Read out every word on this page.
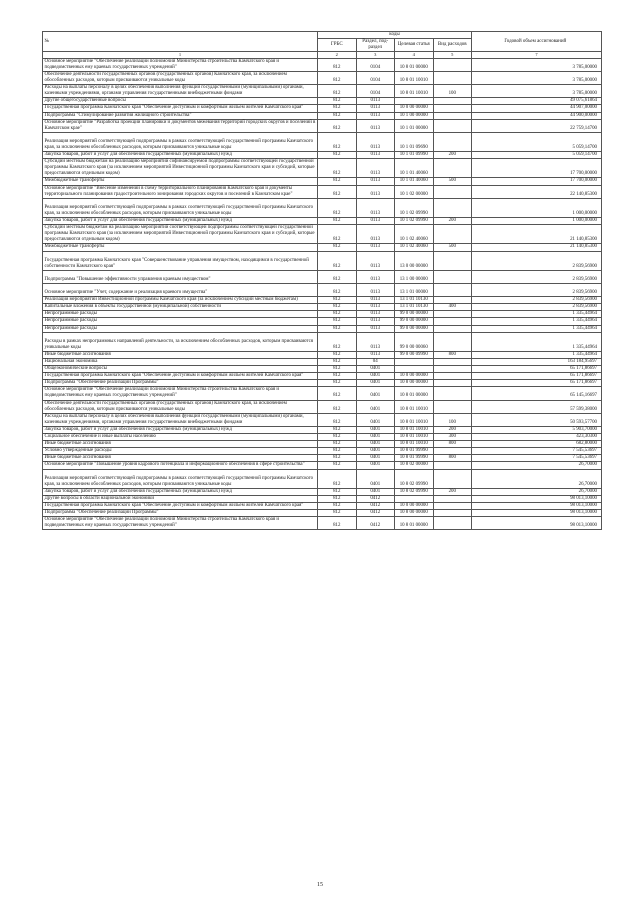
№	коды				Годовой объем ассигнований
	ГРБС	Раздел, под-раздел	Целевая статья	Вид расходов	
1	2	3	4	5	7
Основное мероприятие "Обеспечение реализации полномочий Министерства строительства Камчатского края и подведомственных ему краевых государственных учреждений"	812	0104	10 8 01 00000		3 785,00000
Обеспечение деятельности государственных органов (государственных органов) Камчатского края, за исключением обособленных расходов, которым присваиваются уникальные коды	812	0104	10 8 01 10010		3 785,00000
Расходы на выплаты персоналу в целях обеспечения выполнения функций государственными (муниципальными) органами, казенными учреждениями, органами управления государственными внебюджетными фондами	812	0104	10 8 01 10010	100	3 785,00000
Другие общегосударственные вопросы	812	0113			49 075,61864
Государственная программа Камчатского края "Обеспечение доступным и комфортным жильем жителей Камчатского края"	812	0113	10 0 00 00000		44 907,00000
Подпрограмма "Стимулирование развития жилищного строительства"	812	0113	10 1 00 00000		44 900,00000
Основное мероприятие "Разработка проекции планировки и документов межевания территорий городских округов и поселений в Камчатском крае"	812	0113	10 1 01 00000		22 759,14700

Реализация мероприятий соответствующей подпрограммы в рамках соответствующей государственной программы Камчатского края, за исключением обособленных расходов, которым присваиваются уникальные коды	812	0113	10 1 01 09690		5 059,14700
Закупка товаров, работ и услуг для обеспечения государственных (муниципальных) нужд	812	0113	10 1 01 09990	200	5 059,14700
Субсидии местным бюджетам на реализацию мероприятий софинансируемой подпрограммы соответствующей государственной программы Камчатского края (за исключением мероприятий Инвестиционной программы Камчатского края и субсидий, которые предоставляются отдельным кодом)	812	0113	10 1 01 40060		17 700,00000
Межбюджетные трансферты	812	0113	10 1 01 40060	500	17 700,00000
Основное мероприятие "Внесение изменений в схему территориального планирования Камчатского края и документы территориального планирования градостроительного зонирования городских округов и поселений в Камчатском крае"	812	0113	10 1 02 00000		22 140,85300

Реализация мероприятий соответствующей подпрограммы в рамках соответствующей государственной программы Камчатского края, за исключением обособленных расходов, которым присваиваются уникальные коды	812	0113	10 1 02 09990		1 000,00000
Закупка товаров, работ и услуг для обеспечения государственных (муниципальных) нужд	812	0113	10 1 02 09990	200	1 000,00000
Субсидии местным бюджетам на реализацию мероприятий соответствующей подпрограммы соответствующей государственной программы Камчатского края (за исключением мероприятий Инвестиционной программы Камчатского края и субсидий, которые предоставляются отдельным кодом)	812	0113	10 1 02 40060		21 140,85300
Межбюджетные трансферты	812	0113	10 1 02 40060	500	21 140,85300

Государственная программа Камчатского края "Совершенствование управления имуществом, находящимся в государственной собственности Камчатского края"	812	0113	13 0 00 00000		2 839,56900

Подпрограмма "Повышение эффективности управления краевым имуществом"	812	0113	13 1 00 00000		2 839,56900

Основное мероприятие "Учет, содержание и реализация краевого имущества"	812	0113	13 1 01 00000		2 839,56900
Реализация мероприятий Инвестиционной программы Камчатского края (за исключением субсидий местным бюджетам)	812	0113	13 1 01 10130		2 839,56900
Капитальные вложения в объекты государственной (муниципальной) собственности	812	0113	13 1 01 10130	400	2 839,56900
Непрограммные расходы	812	0113	99 0 00 00000		1 335,44964
Непрограммные расходы	812	0113	99 0 00 00000		1 335,44964
Непрограммные расходы	812	0113	99 0 00 00000		1 335,44964

Расходы в рамках непрограммных направлений деятельности, за исключением обособленных расходов, которым присваиваются уникальные коды	812	0113	99 0 00 00060		1 335,44964
Иные бюджетные ассигнования	812	0113	99 0 00 09990	800	1 335,44964
Национальная экономика	812	04			163 184,95697
Общеэкономические вопросы	812	0401			65 171,86697
Государственная программа Камчатского края "Обеспечение доступным и комфортным жильем жителей Камчатского края"	812	0401	10 0 00 00000		65 171,86697
Подпрограмма "Обеспечение реализации Программы"	812	0401	10 8 00 00000		65 171,86697
Основное мероприятие "Обеспечение реализации полномочий Министерства строительства Камчатского края и подведомственных ему краевых государственных учреждений"	812	0401	10 8 01 00000		65 145,16697
Обеспечение деятельности государственных органов (государственных органов) Камчатского края, за исключением обособленных расходов, которым присваиваются уникальные коды	812	0401	10 8 01 10010		57 599,38000
Расходы на выплаты персоналу в целях обеспечения выполнения функций государственными (муниципальными) органами, казенными учреждениями, органами управления государственными внебюджетными фондами	812	0401	10 8 01 10010	100	50 593,57700
Закупка товаров, работ и услуг для обеспечения государственных (муниципальных) нужд	812	0401	10 8 01 10010	200	5 903,70000
Социальное обеспечение и иные выплаты населению	812	0401	10 8 01 10010	300	423,30300
Иные бюджетные ассигнования	812	0401	10 8 01 10010	800	682,80000
Условно утвержденные расходы	812	0401	10 8 01 99990		7 545,53697
Иные бюджетные ассигнования	812	0401	10 8 01 99990	800	7 545,53697
Основное мероприятие "Повышение уровня кадрового потенциала и информационного обеспечения в сфере строительства"	812	0401	10 8 02 00000		26,70000

Реализация мероприятий соответствующей подпрограммы в рамках соответствующей государственной программы Камчатского края, за исключением обособленных расходов, которым присваиваются уникальные коды	812	0401	10 8 02 09990		26,70000
Закупка товаров, работ и услуг для обеспечения государственных (муниципальных) нужд	812	0401	10 8 02 09990	200	26,70000
Другие вопросы в области национальной экономики	812	0412			98 013,10000
Государственная программа Камчатского края "Обеспечение доступным и комфортным жильем жителей Камчатского края"	812	0412	10 0 00 00000		98 013,10000
Подпрограмма "Обеспечение реализации Программы"	812	0412	10 8 00 00000		98 013,10000
Основное мероприятие "Обеспечение реализации полномочий Министерства строительства Камчатского края и подведомственных ему краевых государственных учреждений"	812	0412	10 8 01 00000		98 013,10000
15
